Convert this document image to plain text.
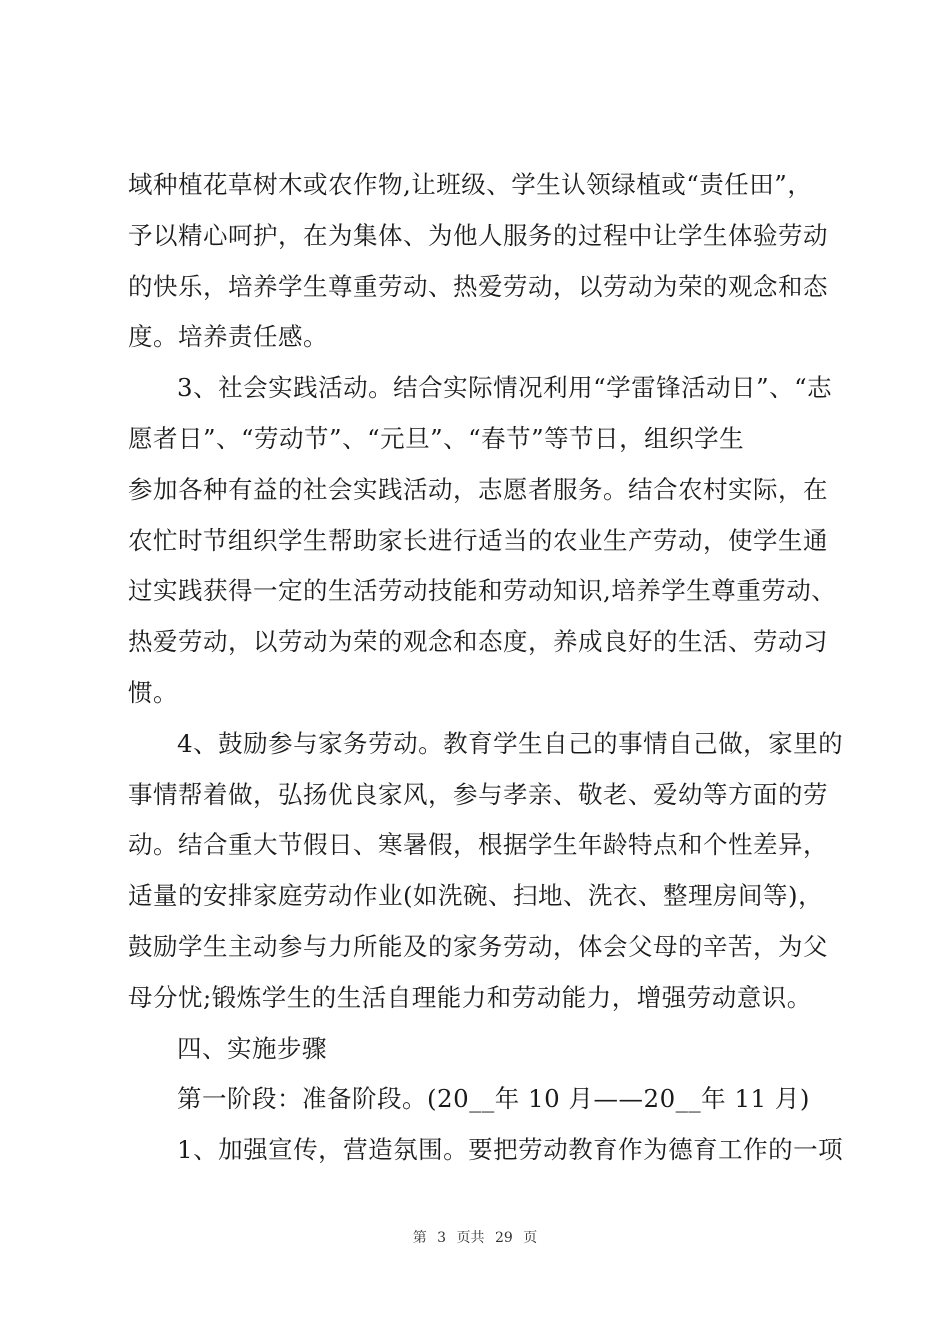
域种植花草树木或农作物,让班级、学生认领绿植或“责任田”，
予以精心呵护，在为集体、为他人服务的过程中让学生体验劳动
的快乐，培养学生尊重劳动、热爱劳动，以劳动为荣的观念和态
度。培养责任感。
3、社会实践活动。结合实际情况利用“学雷锋活动日”、“志
愿者日”、“劳动节”、“元旦”、“春节”等节日，组织学生
参加各种有益的社会实践活动，志愿者服务。结合农村实际，在
农忙时节组织学生帮助家长进行适当的农业生产劳动，使学生通
过实践获得一定的生活劳动技能和劳动知识,培养学生尊重劳动、
热爱劳动，以劳动为荣的观念和态度，养成良好的生活、劳动习
惯。
4、鼓励参与家务劳动。教育学生自己的事情自己做，家里的
事情帮着做，弘扬优良家风，参与孝亲、敬老、爱幼等方面的劳
动。结合重大节假日、寒暑假，根据学生年龄特点和个性差异，
适量的安排家庭劳动作业(如洗碗、扫地、洗衣、整理房间等)，
鼓励学生主动参与力所能及的家务劳动，体会父母的辛苦，为父
母分忧;锻炼学生的生活自理能力和劳动能力，增强劳动意识。
四、实施步骤
第一阶段：准备阶段。(20__年 10 月——20__年 11 月)
1、加强宣传，营造氛围。要把劳动教育作为德育工作的一项
第 3 页共 29 页
